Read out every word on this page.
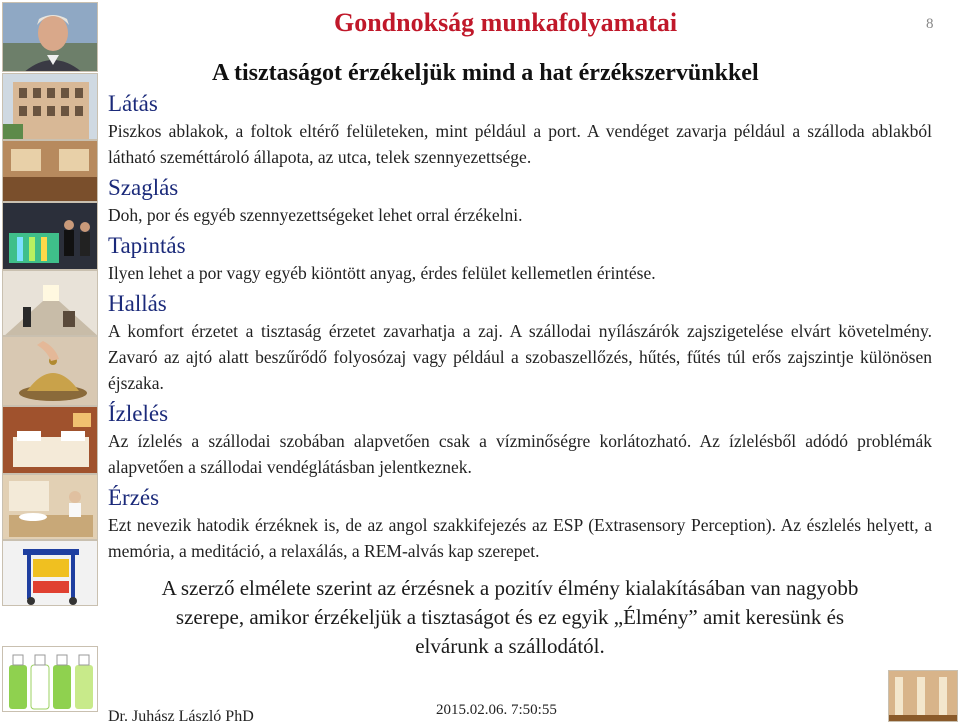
Gondnokság munkafolyamatai	8
A tisztaságot érzékeljük mind a hat érzékszervünkkel
Látás

Piszkos ablakok, a foltok eltérő felületeken, mint például a port. A vendéget zavarja például a szálloda ablakból látható szeméttároló állapota, az utca, telek szennyezettsége.

Szaglás

Doh, por és egyéb szennyezettségeket lehet orral érzékelni.

Tapintás

Ilyen lehet a por vagy egyéb kiöntött anyag, érdes felület kellemetlen érintése.

Hallás

A komfort érzetet a tisztaság érzetet zavarhatja a zaj. A szállodai nyílászárók zajszigetelése elvárt követelmény. Zavaró az ajtó alatt beszűrődő folyosózaj vagy például a szobaszellőzés, hűtés, fűtés túl erős zajszintje különösen éjszaka.

Ízlelés

Az ízlelés a szállodai szobában alapvetően csak a vízminőségre korlátozható. Az ízlelésből adódó problémák alapvetően a szállodai vendéglátásban jelentkeznek.

Érzés

Ezt nevezik hatodik érzéknek is, de az angol szakkifejezés az ESP (Extrasensory Perception). Az észlelés helyett, a memória, a meditáció, a relaxálás, a REM-alvás kap szerepet.

A szerző elmélete szerint az érzésnek a pozitív élmény kialakításában van nagyobb szerepe, amikor érzékeljük a tisztaságot és ez egyik „Élmény” amit keresünk és elvárunk a szállodától.
Dr. Juhász László PhD	2015.02.06. 7:50:55
